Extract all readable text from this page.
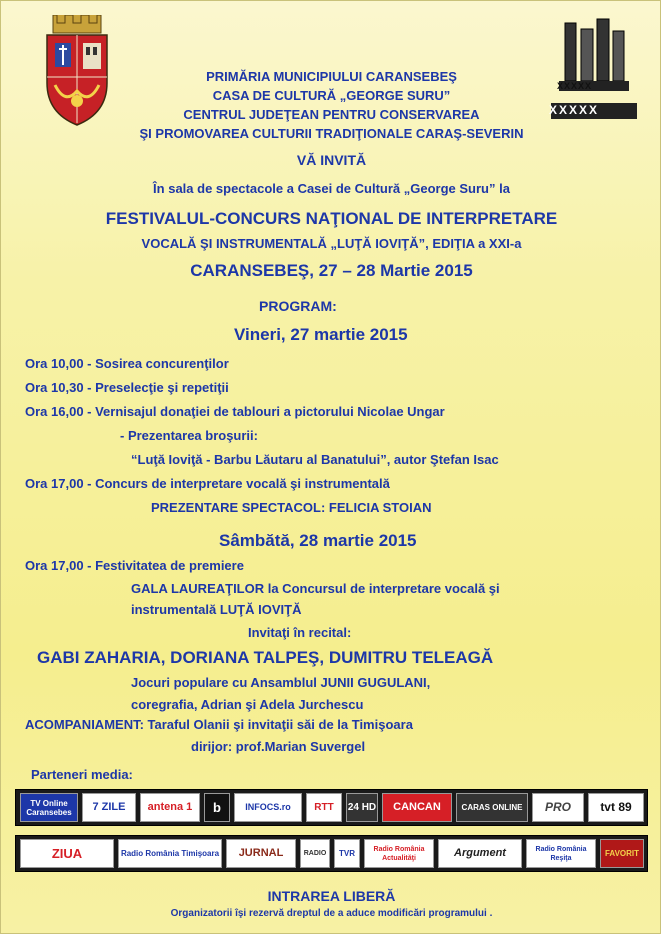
XXXXX
XXXXX
PRIMĂRIA MUNICIPIULUI CARANSEBEŞ
CASA DE CULTURĂ „GEORGE SURU”
CENTRUL JUDEŢEAN PENTRU CONSERVAREA
ŞI PROMOVAREA CULTURII TRADIŢIONALE CARAŞ-SEVERIN
VĂ INVITĂ
În sala de spectacole a Casei de Cultură „George Suru” la
FESTIVALUL-CONCURS NAŢIONAL DE INTERPRETARE
VOCALĂ ŞI INSTRUMENTALĂ „LUŢĂ IOVIŢĂ”, EDIŢIA a XXI-a
CARANSEBEŞ, 27 – 28 Martie 2015
PROGRAM:
Vineri, 27 martie 2015
Ora 10,00 - Sosirea concurenţilor
Ora 10,30 - Preselecţie şi repetiţii
Ora 16,00 - Vernisajul donaţiei de tablouri a pictorului Nicolae Ungar
- Prezentarea broşurii:
“Luţă Ioviţă - Barbu Lăutaru al Banatului”, autor Ştefan Isac
Ora 17,00 - Concurs de interpretare vocală şi instrumentală
PREZENTARE SPECTACOL: FELICIA STOIAN
Sâmbătă, 28 martie 2015
Ora 17,00 - Festivitatea de premiere
GALA LAUREAŢILOR la Concursul de interpretare vocală şi
instrumentală LUŢĂ IOVIŢĂ
Invitaţi în recital:
GABI ZAHARIA, DORIANA TALPEŞ, DUMITRU TELEAGĂ
Jocuri populare cu Ansamblul JUNII GUGULANI,
coregrafia, Adrian şi Adela Jurchescu
ACOMPANIAMENT: Taraful Olanii şi invitaţii săi de la Timişoara
dirijor: prof.Marian Suvergel
Parteneri media:
TV Online Caransebes	7 ZILE	antena 1	b	INFOCS.ro	RTT	24 HD	CANCAN	CARAS ONLINE	PRO	tvt 89
ZIUA	Radio România Timişoara	JURNAL	RADIO	TVR	Radio România Actualităţi	Argument	Radio România Reşiţa	FAVORIT
INTRAREA LIBERĂ
Organizatorii îşi rezervă dreptul de a aduce modificări programului .
